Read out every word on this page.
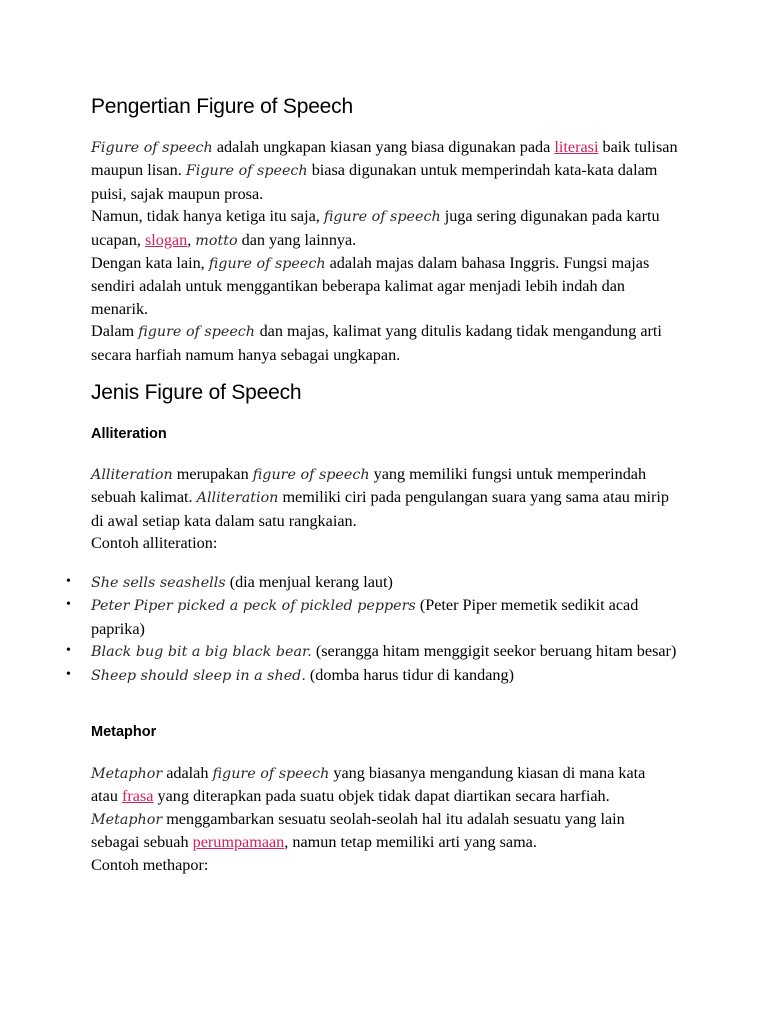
Pengertian Figure of Speech

Figure of speech adalah ungkapan kiasan yang biasa digunakan pada literasi baik tulisan maupun lisan. Figure of speech biasa digunakan untuk memperindah kata-kata dalam puisi, sajak maupun prosa.
Namun, tidak hanya ketiga itu saja, figure of speech juga sering digunakan pada kartu ucapan, slogan, motto dan yang lainnya.
Dengan kata lain, figure of speech adalah majas dalam bahasa Inggris. Fungsi majas sendiri adalah untuk menggantikan beberapa kalimat agar menjadi lebih indah dan menarik.
Dalam figure of speech dan majas, kalimat yang ditulis kadang tidak mengandung arti secara harfiah namum hanya sebagai ungkapan.

Jenis Figure of Speech
Alliteration

Alliteration merupakan figure of speech yang memiliki fungsi untuk memperindah sebuah kalimat. Alliteration memiliki ciri pada pengulangan suara yang sama atau mirip di awal setiap kata dalam satu rangkaian.
Contoh alliteration:

• She sells seashells (dia menjual kerang laut)
• Peter Piper picked a peck of pickled peppers (Peter Piper memetik sedikit acad paprika)
• Black bug bit a big black bear. (serangga hitam menggigit seekor beruang hitam besar)
• Sheep should sleep in a shed. (domba harus tidur di kandang)
Metaphor

Metaphor adalah figure of speech yang biasanya mengandung kiasan di mana kata atau frasa yang diterapkan pada suatu objek tidak dapat diartikan secara harfiah.
Metaphor menggambarkan sesuatu seolah-seolah hal itu adalah sesuatu yang lain sebagai sebuah perumpamaan, namun tetap memiliki arti yang sama.
Contoh methapor:
